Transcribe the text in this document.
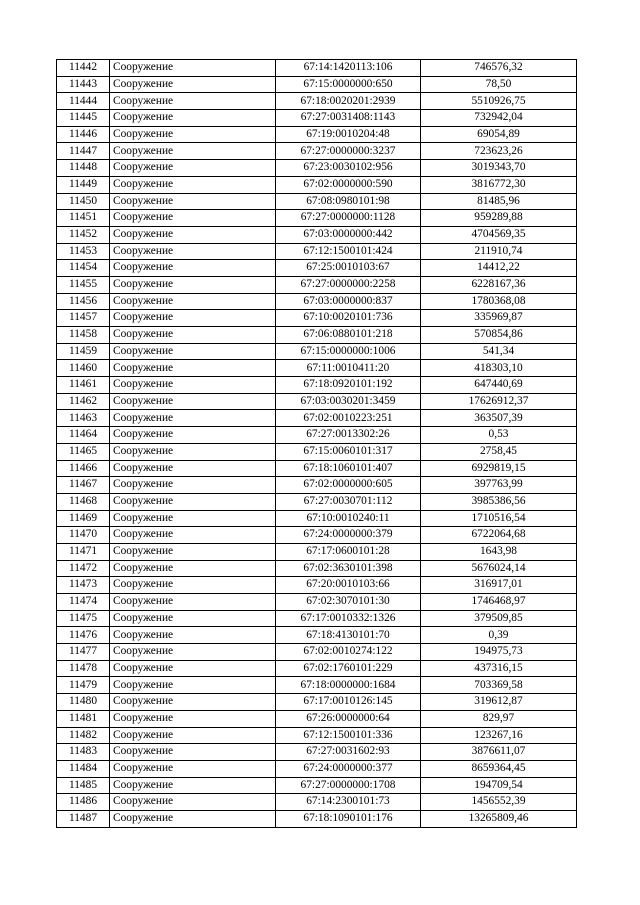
11442	Сооружение	67:14:1420113:106	746576,32
11443	Сооружение	67:15:0000000:650	78,50
11444	Сооружение	67:18:0020201:2939	5510926,75
11445	Сооружение	67:27:0031408:1143	732942,04
11446	Сооружение	67:19:0010204:48	69054,89
11447	Сооружение	67:27:0000000:3237	723623,26
11448	Сооружение	67:23:0030102:956	3019343,70
11449	Сооружение	67:02:0000000:590	3816772,30
11450	Сооружение	67:08:0980101:98	81485,96
11451	Сооружение	67:27:0000000:1128	959289,88
11452	Сооружение	67:03:0000000:442	4704569,35
11453	Сооружение	67:12:1500101:424	211910,74
11454	Сооружение	67:25:0010103:67	14412,22
11455	Сооружение	67:27:0000000:2258	6228167,36
11456	Сооружение	67:03:0000000:837	1780368,08
11457	Сооружение	67:10:0020101:736	335969,87
11458	Сооружение	67:06:0880101:218	570854,86
11459	Сооружение	67:15:0000000:1006	541,34
11460	Сооружение	67:11:0010411:20	418303,10
11461	Сооружение	67:18:0920101:192	647440,69
11462	Сооружение	67:03:0030201:3459	17626912,37
11463	Сооружение	67:02:0010223:251	363507,39
11464	Сооружение	67:27:0013302:26	0,53
11465	Сооружение	67:15:0060101:317	2758,45
11466	Сооружение	67:18:1060101:407	6929819,15
11467	Сооружение	67:02:0000000:605	397763,99
11468	Сооружение	67:27:0030701:112	3985386,56
11469	Сооружение	67:10:0010240:11	1710516,54
11470	Сооружение	67:24:0000000:379	6722064,68
11471	Сооружение	67:17:0600101:28	1643,98
11472	Сооружение	67:02:3630101:398	5676024,14
11473	Сооружение	67:20:0010103:66	316917,01
11474	Сооружение	67:02:3070101:30	1746468,97
11475	Сооружение	67:17:0010332:1326	379509,85
11476	Сооружение	67:18:4130101:70	0,39
11477	Сооружение	67:02:0010274:122	194975,73
11478	Сооружение	67:02:1760101:229	437316,15
11479	Сооружение	67:18:0000000:1684	703369,58
11480	Сооружение	67:17:0010126:145	319612,87
11481	Сооружение	67:26:0000000:64	829,97
11482	Сооружение	67:12:1500101:336	123267,16
11483	Сооружение	67:27:0031602:93	3876611,07
11484	Сооружение	67:24:0000000:377	8659364,45
11485	Сооружение	67:27:0000000:1708	194709,54
11486	Сооружение	67:14:2300101:73	1456552,39
11487	Сооружение	67:18:1090101:176	13265809,46
